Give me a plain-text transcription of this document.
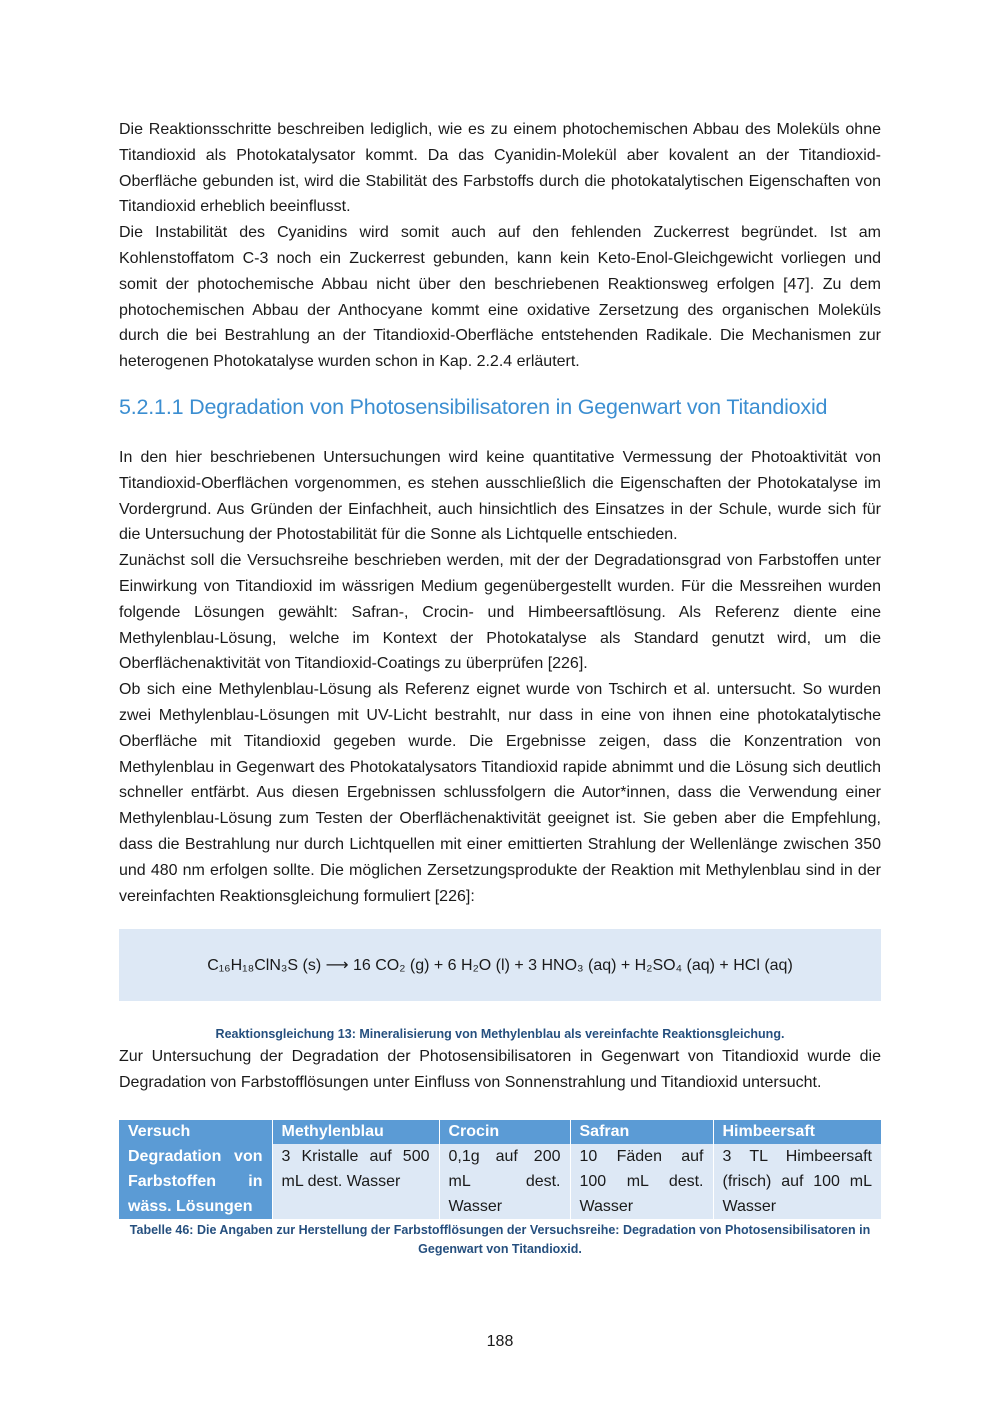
Die Reaktionsschritte beschreiben lediglich, wie es zu einem photochemischen Abbau des Moleküls ohne Titandioxid als Photokatalysator kommt. Da das Cyanidin-Molekül aber kovalent an der Titandioxid-Oberfläche gebunden ist, wird die Stabilität des Farbstoffs durch die photokatalytischen Eigenschaften von Titandioxid erheblich beeinflusst.

Die Instabilität des Cyanidins wird somit auch auf den fehlenden Zuckerrest begründet. Ist am Kohlenstoffatom C-3 noch ein Zuckerrest gebunden, kann kein Keto-Enol-Gleichgewicht vorliegen und somit der photochemische Abbau nicht über den beschriebenen Reaktionsweg erfolgen [47]. Zu dem photochemischen Abbau der Anthocyane kommt eine oxidative Zersetzung des organischen Moleküls durch die bei Bestrahlung an der Titandioxid-Oberfläche entstehenden Radikale. Die Mechanismen zur heterogenen Photokatalyse wurden schon in Kap. 2.2.4 erläutert.

5.2.1.1 Degradation von Photosensibilisatoren in Gegenwart von Titandioxid

In den hier beschriebenen Untersuchungen wird keine quantitative Vermessung der Photoaktivität von Titandioxid-Oberflächen vorgenommen, es stehen ausschließlich die Eigenschaften der Photokatalyse im Vordergrund. Aus Gründen der Einfachheit, auch hinsichtlich des Einsatzes in der Schule, wurde sich für die Untersuchung der Photostabilität für die Sonne als Lichtquelle entschieden.

Zunächst soll die Versuchsreihe beschrieben werden, mit der der Degradationsgrad von Farbstoffen unter Einwirkung von Titandioxid im wässrigen Medium gegenübergestellt wurden. Für die Messreihen wurden folgende Lösungen gewählt: Safran-, Crocin- und Himbeersaftlösung. Als Referenz diente eine Methylenblau-Lösung, welche im Kontext der Photokatalyse als Standard genutzt wird, um die Oberflächenaktivität von Titandioxid-Coatings zu überprüfen [226].

Ob sich eine Methylenblau-Lösung als Referenz eignet wurde von Tschirch et al. untersucht. So wurden zwei Methylenblau-Lösungen mit UV-Licht bestrahlt, nur dass in eine von ihnen eine photokatalytische Oberfläche mit Titandioxid gegeben wurde. Die Ergebnisse zeigen, dass die Konzentration von Methylenblau in Gegenwart des Photokatalysators Titandioxid rapide abnimmt und die Lösung sich deutlich schneller entfärbt. Aus diesen Ergebnissen schlussfolgern die Autor*innen, dass die Verwendung einer Methylenblau-Lösung zum Testen der Oberflächenaktivität geeignet ist. Sie geben aber die Empfehlung, dass die Bestrahlung nur durch Lichtquellen mit einer emittierten Strahlung der Wellenlänge zwischen 350 und 480 nm erfolgen sollte. Die möglichen Zersetzungsprodukte der Reaktion mit Methylenblau sind in der vereinfachten Reaktionsgleichung formuliert [226]:

C₁₆H₁₈ClN₃S (s) ⟶ 16 CO₂ (g) + 6 H₂O (l) + 3 HNO₃ (aq) + H₂SO₄ (aq) + HCl (aq)
Reaktionsgleichung 13: Mineralisierung von Methylenblau als vereinfachte Reaktionsgleichung.

Zur Untersuchung der Degradation der Photosensibilisatoren in Gegenwart von Titandioxid wurde die Degradation von Farbstofflösungen unter Einfluss von Sonnenstrahlung und Titandioxid untersucht.

Versuch	Methylenblau	Crocin	Safran	Himbeersaft
Degradation von Farbstoffen in wäss. Lösungen	3 Kristalle auf 500 mL dest. Wasser	0,1g auf 200 mL dest. Wasser	10 Fäden auf 100 mL dest. Wasser	3 TL Himbeersaft (frisch) auf 100 mL Wasser
Tabelle 46: Die Angaben zur Herstellung der Farbstofflösungen der Versuchsreihe: Degradation von Photosensibilisatoren in Gegenwart von Titandioxid.
188
